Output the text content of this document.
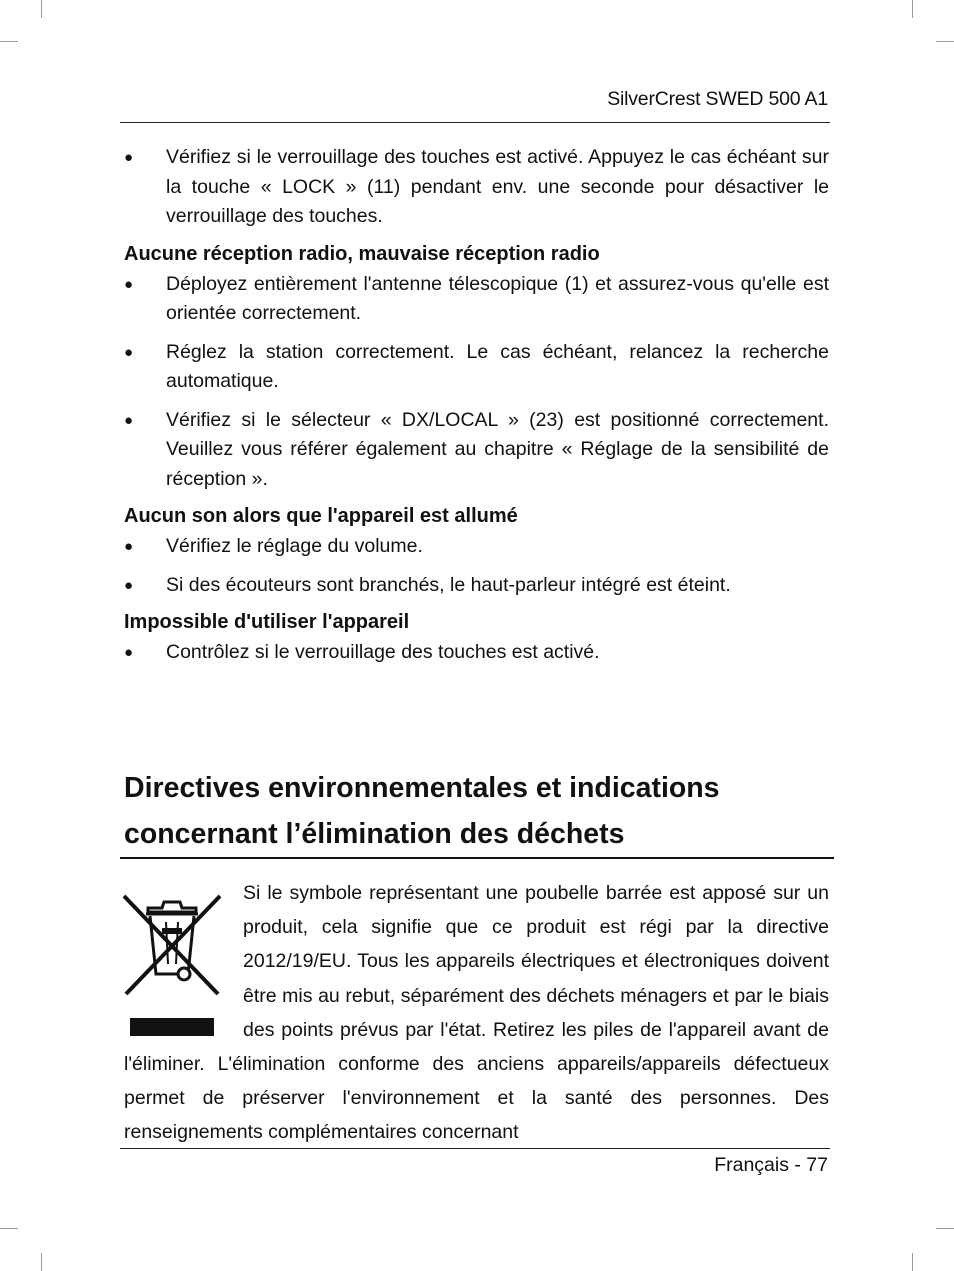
SilverCrest SWED 500 A1
● Vérifiez si le verrouillage des touches est activé. Appuyez le cas échéant sur la touche « LOCK » (11) pendant env. une seconde pour désactiver le verrouillage des touches.
Aucune réception radio, mauvaise réception radio
● Déployez entièrement l'antenne télescopique (1) et assurez-vous qu'elle est orientée correctement.
● Réglez la station correctement. Le cas échéant, relancez la recherche automatique.
● Vérifiez si le sélecteur « DX/LOCAL » (23) est positionné correctement. Veuillez vous référer également au chapitre « Réglage de la sensibilité de réception ».
Aucun son alors que l'appareil est allumé
● Vérifiez le réglage du volume.
● Si des écouteurs sont branchés, le haut-parleur intégré est éteint.
Impossible d'utiliser l'appareil
● Contrôlez si le verrouillage des touches est activé.
Directives environnementales et indications
concernant l’élimination des déchets
Si le symbole représentant une poubelle barrée est apposé sur un produit, cela signifie que ce produit est régi par la directive 2012/19/EU. Tous les appareils électriques et électroniques doivent être mis au rebut, séparément des déchets ménagers et par le biais des points prévus par l'état. Retirez les piles de l'appareil avant de l'éliminer. L'élimination conforme des anciens appareils/appareils défectueux permet de préserver l'environnement et la santé des personnes. Des renseignements complémentaires concernant
Français - 77
